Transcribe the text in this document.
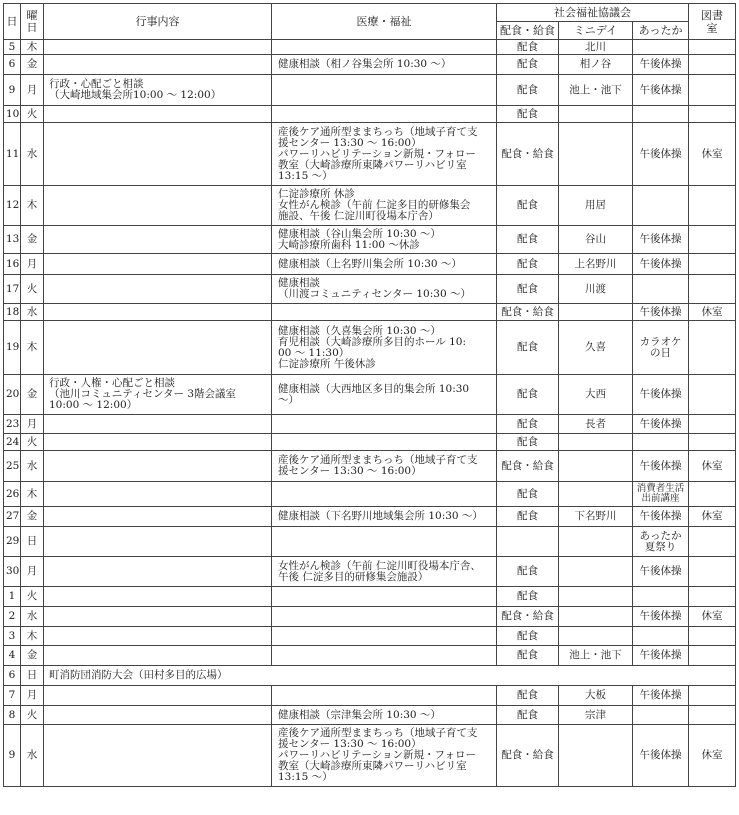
日	曜日	行事内容	医療・福祉	社会福祉協議会			図書室	
				配食・給食	ミニデイ	あったか		
5	木			配食	北川			
6	金		健康相談（相ノ谷集会所 10:30 ～）	配食	相ノ谷	午後体操		

9	月	行政・心配ごと相談
（大崎地域集会所10:00 ～ 12:00）		配食	池上・池下	午後体操		

10	火			配食				
11	水		産後ケア通所型ままちっち（地域子育て支
援センター 13:30 ～ 16:00）
パワーリハビリテーション新規・フォロー
教室（大崎診療所東隣パワーリハビリ室
13:15 ～）	配食・給食		午後体操	休室	
12	木		仁淀診療所 休診
女性がん検診（午前 仁淀多目的研修集会
施設、午後 仁淀川町役場本庁舎）	配食	用居			
13	金		健康相談（谷山集会所 10:30 ～）
大崎診療所歯科 11:00 ～休診	配食	谷山	午後体操		

16	月		健康相談（上名野川集会所 10:30 ～）	配食	上名野川	午後体操		

17	火		健康相談
（川渡コミュニティセンター 10:30 ～）	配食	川渡			
18	水			配食・給食		午後体操	休室	
19	木		健康相談（久喜集会所 10:30 ～）
育児相談（大崎診療所多目的ホール 10:
00 ～ 11:30）
仁淀診療所 午後休診	配食	久喜	カラオケ
の日		

20	金	行政・人権・心配ごと相談
（池川コミュニティセンター 3階会議室
10:00 ～ 12:00）	健康相談（大西地区多目的集会所 10:30
～）	配食	大西	午後体操		

23	月			配食	長者	午後体操		

24	火			配食				
25	水		産後ケア通所型ままちっち（地域子育て支
援センター 13:30 ～ 16:00）	配食・給食		午後体操	休室	
26	木			配食		消費者生活
出前講座		

27	金		健康相談（下名野川地域集会所 10:30 ～）	配食	下名野川	午後体操	休室	
29	日					あったか
夏祭り		

30	月		女性がん検診（午前 仁淀川町役場本庁舎、
午後 仁淀多目的研修集会施設）	配食		午後体操		

1	火			配食				
2	水			配食・給食		午後体操	休室	
3	木			配食				
4	金			配食	池上・池下	午後体操		

6	日	町消防団消防大会（田村多目的広場）						

7	月			配食	大板	午後体操		

8	火		健康相談（宗津集会所 10:30 ～）	配食	宗津			
9	水		産後ケア通所型ままちっち（地域子育て支
援センター 13:30 ～ 16:00）
パワーリハビリテーション新規・フォロー
教室（大崎診療所東隣パワーリハビリ室
13:15 ～）	配食・給食		午後体操	休室	
